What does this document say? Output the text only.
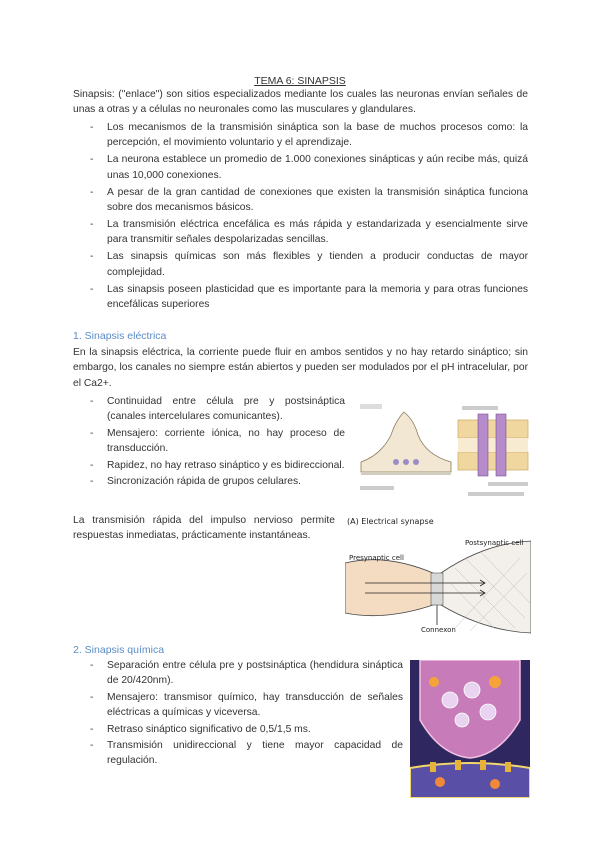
TEMA 6: SINAPSIS
Sinapsis: ("enlace") son sitios especializados mediante los cuales las neuronas envían señales de unas a otras y a células no neuronales como las musculares y glandulares.
- Los mecanismos de la transmisión sináptica son la base de muchos procesos como: la percepción, el movimiento voluntario y el aprendizaje.
- La neurona establece un promedio de 1.000 conexiones sinápticas y aún recibe más, quizá unas 10,000 conexiones.
- A pesar de la gran cantidad de conexiones que existen la transmisión sináptica funciona sobre dos mecanismos básicos.
- La transmisión eléctrica encefálica es más rápida y estandarizada y esencialmente sirve para transmitir señales despolarizadas sencillas.
- Las sinapsis químicas son más flexibles y tienden a producir conductas de mayor complejidad.
- Las sinapsis poseen plasticidad que es importante para la memoria y para otras funciones encefálicas superiores
1. Sinapsis eléctrica
En la sinapsis eléctrica, la corriente puede fluir en ambos sentidos y no hay retardo sináptico; sin embargo, los canales no siempre están abiertos y pueden ser modulados por el pH intracelular, por el Ca2+.
- Continuidad entre célula pre y postsináptica (canales intercelulares comunicantes).
- Mensajero: corriente iónica, no hay proceso de transducción.
- Rapidez, no hay retraso sináptico y es bidireccional.
- Sincronización rápida de grupos celulares.
La transmisión rápida del impulso nervioso permite respuestas inmediatas, prácticamente instantáneas.
(A) Electrical synapse
Presynaptic cell
Postsynaptic cell
Connexon
2. Sinapsis química
- Separación entre célula pre y postsináptica (hendidura sináptica de 20/420nm).
- Mensajero: transmisor químico, hay transducción de señales eléctricas a químicas y viceversa.
- Retraso sináptico significativo de 0,5/1,5 ms.
- Transmisión unidireccional y tiene mayor capacidad de regulación.
